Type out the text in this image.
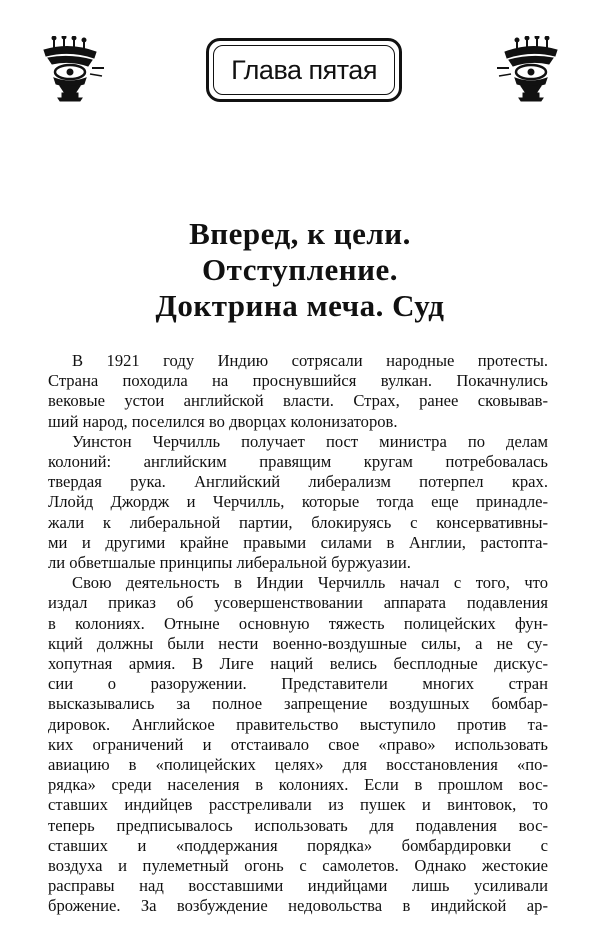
Глава пятая
Вперед, к цели.
Отступление.
Доктрина меча. Суд
В 1921 году Индию сотрясали народные протесты.
Страна походила на проснувшийся вулкан. Покачнулись
вековые устои английской власти. Страх, ранее сковывав-
ший народ, поселился во дворцах колонизаторов.
Уинстон Черчилль получает пост министра по делам
колоний: английским правящим кругам потребовалась
твердая рука. Английский либерализм потерпел крах.
Ллойд Джордж и Черчилль, которые тогда еще принадле-
жали к либеральной партии, блокируясь с консервативны-
ми и другими крайне правыми силами в Англии, растопта-
ли обветшалые принципы либеральной буржуазии.
Свою деятельность в Индии Черчилль начал с того, что
издал приказ об усовершенствовании аппарата подавления
в колониях. Отныне основную тяжесть полицейских фун-
кций должны были нести военно-воздушные силы, а не су-
хопутная армия. В Лиге наций велись бесплодные дискус-
сии о разоружении. Представители многих стран
высказывались за полное запрещение воздушных бомбар-
дировок. Английское правительство выступило против та-
ких ограничений и отстаивало свое «право» использовать
авиацию в «полицейских целях» для восстановления «по-
рядка» среди населения в колониях. Если в прошлом вос-
ставших индийцев расстреливали из пушек и винтовок, то
теперь предписывалось использовать для подавления вос-
ставших и «поддержания порядка» бомбардировки с
воздуха и пулеметный огонь с самолетов. Однако жестокие
расправы над восставшими индийцами лишь усиливали
брожение. За возбуждение недовольства в индийской ар-
